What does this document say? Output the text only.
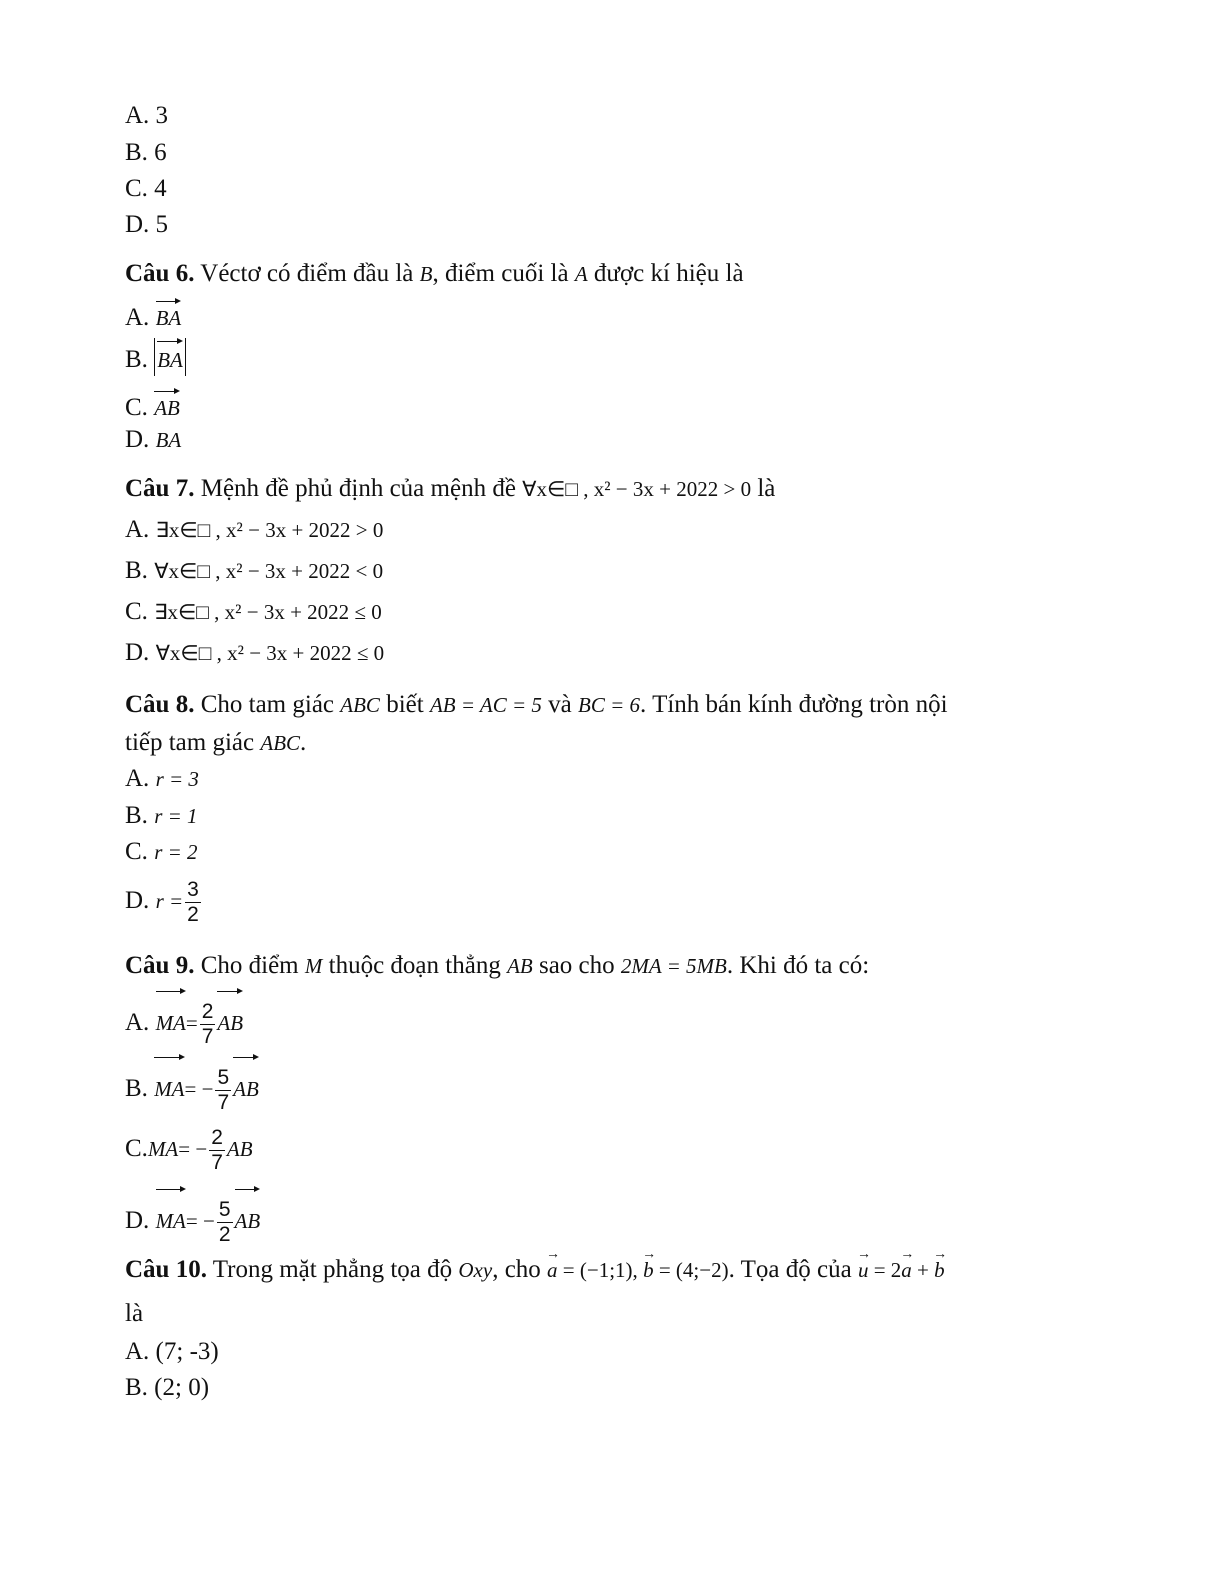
A. 3
B. 6
C. 4
D. 5
Câu 6. Véctơ có điểm đầu là B, điểm cuối là A được kí hiệu là
A. BA
B. BA
C. AB
D. BA
Câu 7. Mệnh đề phủ định của mệnh đề ∀x∈□ , x² − 3x + 2022 > 0 là
A. ∃x∈□ , x² − 3x + 2022 > 0
B. ∀x∈□ , x² − 3x + 2022 < 0
C. ∃x∈□ , x² − 3x + 2022 ≤ 0
D. ∀x∈□ , x² − 3x + 2022 ≤ 0
Câu 8. Cho tam giác ABC biết AB = AC = 5 và BC = 6. Tính bán kính đường tròn nội
tiếp tam giác ABC.
A. r = 3
B. r = 1
C. r = 2
D. $r = \frac{3}{2}$
Câu 9. Cho điểm M thuộc đoạn thẳng AB sao cho 2MA = 5MB. Khi đó ta có:
A. $MA= \frac{2}{7}$ AB
B. $MA= - \frac{5}{7}$ AB
$C.MA= - \frac{2}{7}$ AB
D. $MA= - \frac{5}{2}$ AB
Câu 10. Trong mặt phẳng tọa độ Oxy, cho → a = (−1;1), → b = (4;−2). Tọa độ của → u = 2→ a + → b
là
A. (7; -3)
B. (2; 0)
